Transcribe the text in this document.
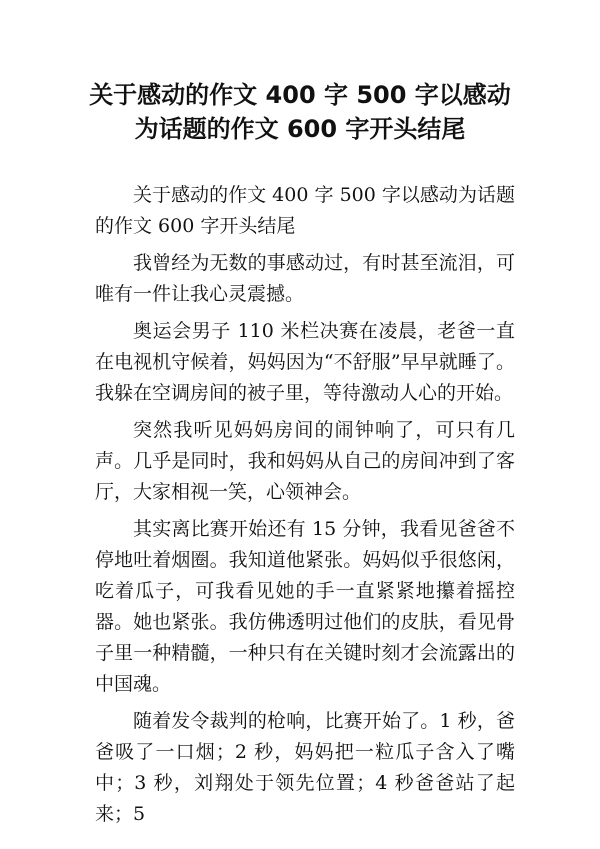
关于感动的作文 400 字 500 字以感动
为话题的作文 600 字开头结尾

关于感动的作文 400 字 500 字以感动为话题的作文 600 字开头结尾

我曾经为无数的事感动过，有时甚至流泪，可唯有一件让我心灵震撼。

奥运会男子 110 米栏决赛在凌晨，老爸一直在电视机守候着，妈妈因为“不舒服”早早就睡了。我躲在空调房间的被子里，等待激动人心的开始。

突然我听见妈妈房间的闹钟响了，可只有几声。几乎是同时，我和妈妈从自己的房间冲到了客厅，大家相视一笑，心领神会。

其实离比赛开始还有 15 分钟，我看见爸爸不停地吐着烟圈。我知道他紧张。妈妈似乎很悠闲，吃着瓜子，可我看见她的手一直紧紧地攥着摇控器。她也紧张。我仿佛透明过他们的皮肤，看见骨子里一种精髓，一种只有在关键时刻才会流露出的中国魂。

随着发令裁判的枪响，比赛开始了。1 秒，爸爸吸了一口烟；2 秒，妈妈把一粒瓜子含入了嘴中；3 秒，刘翔处于领先位置；4 秒爸爸站了起来；5
